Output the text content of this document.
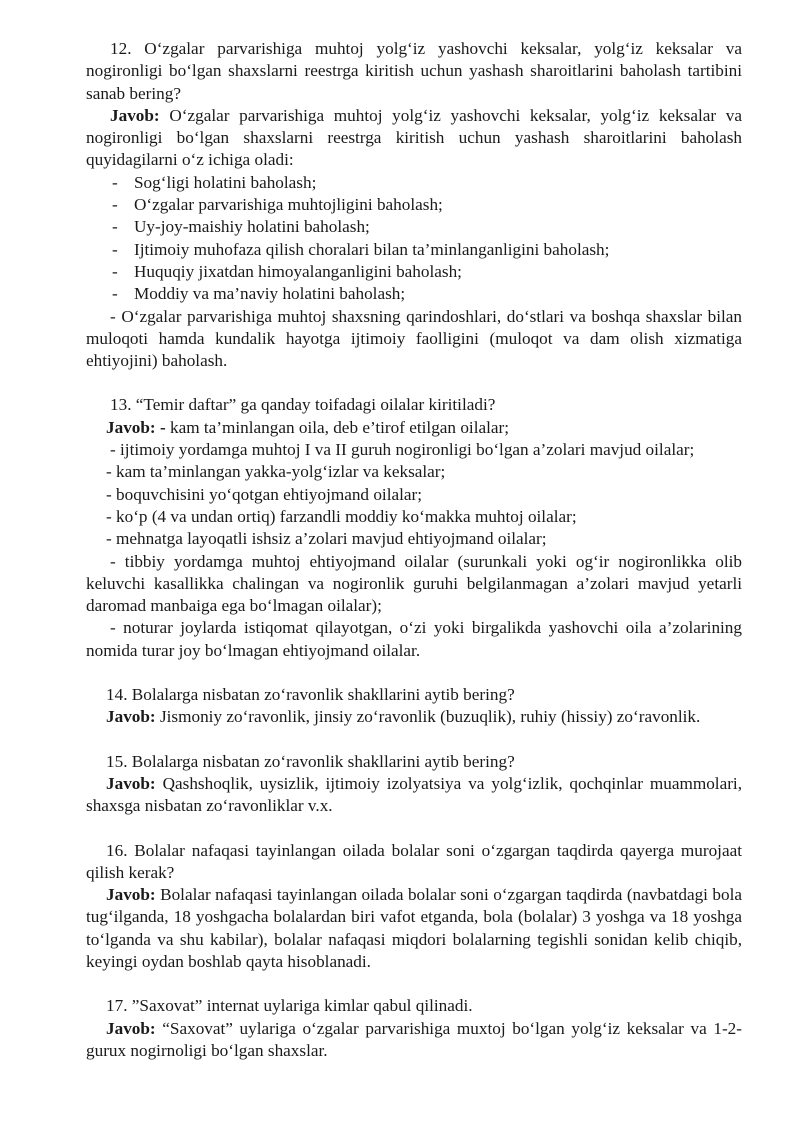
12. O‘zgalar parvarishiga muhtoj yolg‘iz yashovchi keksalar, yolg‘iz keksalar va nogironligi bo‘lgan shaxslarni reestrga kiritish uchun yashash sharoitlarini baholash tartibini sanab bering?

Javob: O‘zgalar parvarishiga muhtoj yolg‘iz yashovchi keksalar, yolg‘iz keksalar va nogironligi bo‘lgan shaxslarni reestrga kiritish uchun yashash sharoitlarini baholash quyidagilarni o‘z ichiga oladi:

- Sog‘ligi holatini baholash;
- O‘zgalar parvarishiga muhtojligini baholash;
- Uy-joy-maishiy holatini baholash;
- Ijtimoiy muhofaza qilish choralari bilan ta’minlanganligini baholash;
- Huquqiy jixatdan himoyalanganligini baholash;
- Moddiy va ma’naviy holatini baholash;

- O‘zgalar parvarishiga muhtoj shaxsning qarindoshlari, do‘stlari va boshqa shaxslar bilan muloqoti hamda kundalik hayotga ijtimoiy faolligini (muloqot va dam olish xizmatiga ehtiyojini) baholash.

13. “Temir daftar” ga qanday toifadagi oilalar kiritiladi?

Javob: - kam ta’minlangan oila, deb e’tirof etilgan oilalar;

- ijtimoiy yordamga muhtoj I va II guruh nogironligi bo‘lgan a’zolari mavjud oilalar;

- kam ta’minlangan yakka-yolg‘izlar va keksalar;

- boquvchisini yo‘qotgan ehtiyojmand oilalar;

- ko‘p (4 va undan ortiq) farzandli moddiy ko‘makka muhtoj oilalar;

- mehnatga layoqatli ishsiz a’zolari mavjud ehtiyojmand oilalar;

- tibbiy yordamga muhtoj ehtiyojmand oilalar (surunkali yoki og‘ir nogironlikka olib keluvchi kasallikka chalingan va nogironlik guruhi belgilanmagan a’zolari mavjud yetarli daromad manbaiga ega bo‘lmagan oilalar);

- noturar joylarda istiqomat qilayotgan, o‘zi yoki birgalikda yashovchi oila a’zolarining nomida turar joy bo‘lmagan ehtiyojmand oilalar.

14. Bolalarga nisbatan zo‘ravonlik shakllarini aytib bering?

Javob: Jismoniy zo‘ravonlik, jinsiy zo‘ravonlik (buzuqlik), ruhiy (hissiy) zo‘ravonlik.

15. Bolalarga nisbatan zo‘ravonlik shakllarini aytib bering?

Javob: Qashshoqlik, uysizlik, ijtimoiy izolyatsiya va yolg‘izlik, qochqinlar muammolari, shaxsga nisbatan zo‘ravonliklar v.x.

16. Bolalar nafaqasi tayinlangan oilada bolalar soni o‘zgargan taqdirda qayerga murojaat qilish kerak?

Javob: Bolalar nafaqasi tayinlangan oilada bolalar soni o‘zgargan taqdirda (navbatdagi bola tug‘ilganda, 18 yoshgacha bolalardan biri vafot etganda, bola (bolalar) 3 yoshga va 18 yoshga to‘lganda va shu kabilar), bolalar nafaqasi miqdori bolalarning tegishli sonidan kelib chiqib, keyingi oydan boshlab qayta hisoblanadi.

17. ”Saxovat” internat uylariga kimlar qabul qilinadi.

Javob: “Saxovat” uylariga o‘zgalar parvarishiga muxtoj bo‘lgan yolg‘iz keksalar va 1-2-gurux nogirnoligi bo‘lgan shaxslar.
